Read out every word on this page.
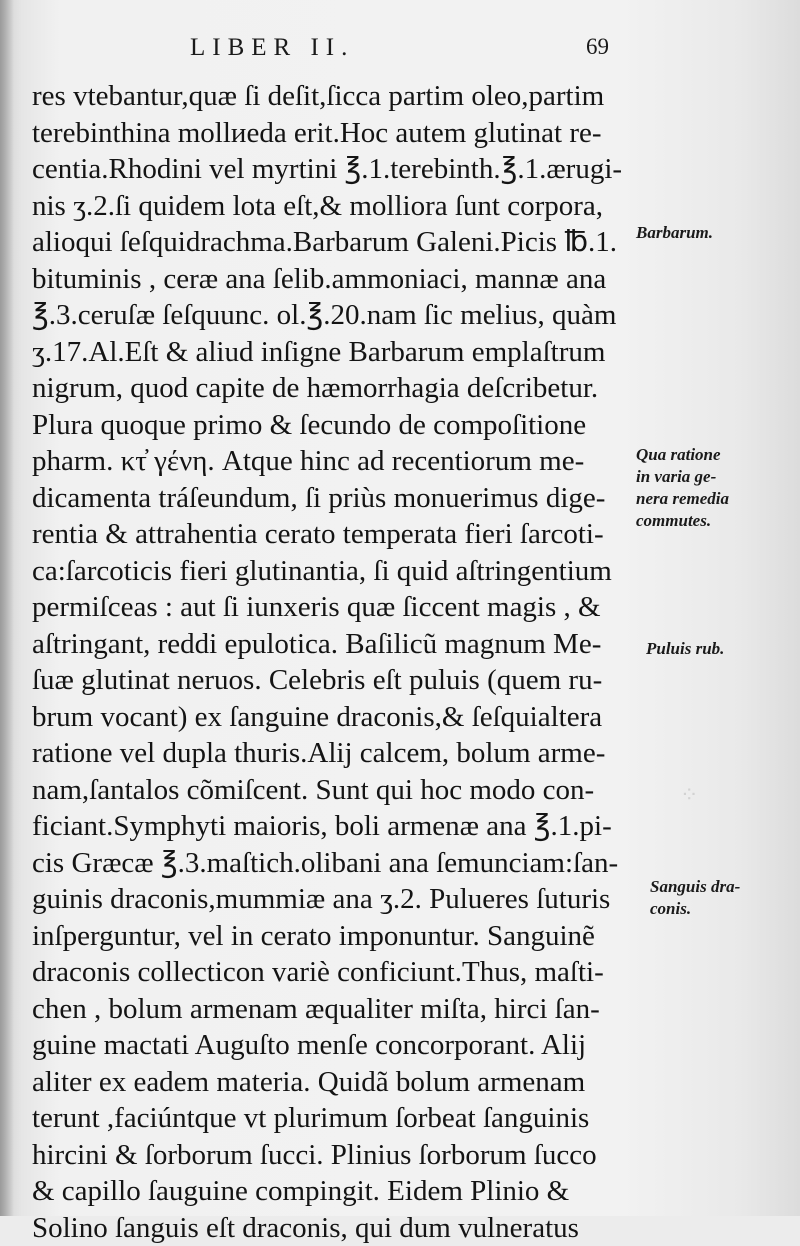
LIBER II.	69
res vtebantur,quæ ſi deſit,ſicca partim oleo,partim
terebinthina mollиeda erit.Hoc autem glutinat re-
centia.Rhodini vel myrtini ℥.1.terebinth.℥.1.ærugi-
nis ʒ.2.ſi quidem lota eſt,& molliora ſunt corpora,
alioqui ſeſquidrachma.Barbarum Galeni.Picis ℔.1.
bituminis , ceræ ana ſelib.ammoniaci, mannæ ana
℥.3.ceruſæ ſeſquunc. ol.℥.20.nam ſic melius, quàm
ʒ.17.Al.Eſt & aliud inſigne Barbarum emplaſtrum
nigrum, quod capite de hæmorrhagia deſcribetur.
Plura quoque primo & ſecundo de compoſitione
pharm. κτ̓ γένη. Atque hinc ad recentiorum me-
dicamenta tráſeundum, ſi priùs monuerimus dige-
rentia & attrahentia cerato temperata fieri ſarcoti-
ca:ſarcoticis fieri glutinantia, ſi quid aſtringentium
permiſceas : aut ſi iunxeris quæ ſiccent magis , &
aſtringant, reddi epulotica. Baſilicũ magnum Me-
ſuæ glutinat neruos. Celebris eſt puluis (quem ru-
brum vocant) ex ſanguine draconis,& ſeſquialtera
ratione vel dupla thuris.Alij calcem, bolum arme-
nam,ſantalos cõmiſcent. Sunt qui hoc modo con-
ficiant.Symphyti maioris, boli armenæ ana ℥.1.pi-
cis Græcæ ℥.3.maſtich.olibani ana ſemunciam:ſan-
guinis draconis,mummiæ ana ʒ.2. Pulueres ſuturis
inſperguntur, vel in cerato imponuntur. Sanguinẽ
draconis collecticon variè conficiunt.Thus, maſti-
chen , bolum armenam æqualiter miſta, hirci ſan-
guine mactati Auguſto menſe concorporant. Alij
aliter ex eadem materia. Quidã bolum armenam
terunt ,faciúntque vt plurimum ſorbeat ſanguinis
hircini & ſorborum ſucci. Plinius ſorborum ſucco
& capillo ſauguine compingit. Eidem Plinio &
Solino ſanguis eſt draconis, qui dum vulneratus
Barbarum.
Qua ratione
in varia ge-
nera remedia
commutes.
Puluis rub.
Sanguis dra-
conis.
⁘
